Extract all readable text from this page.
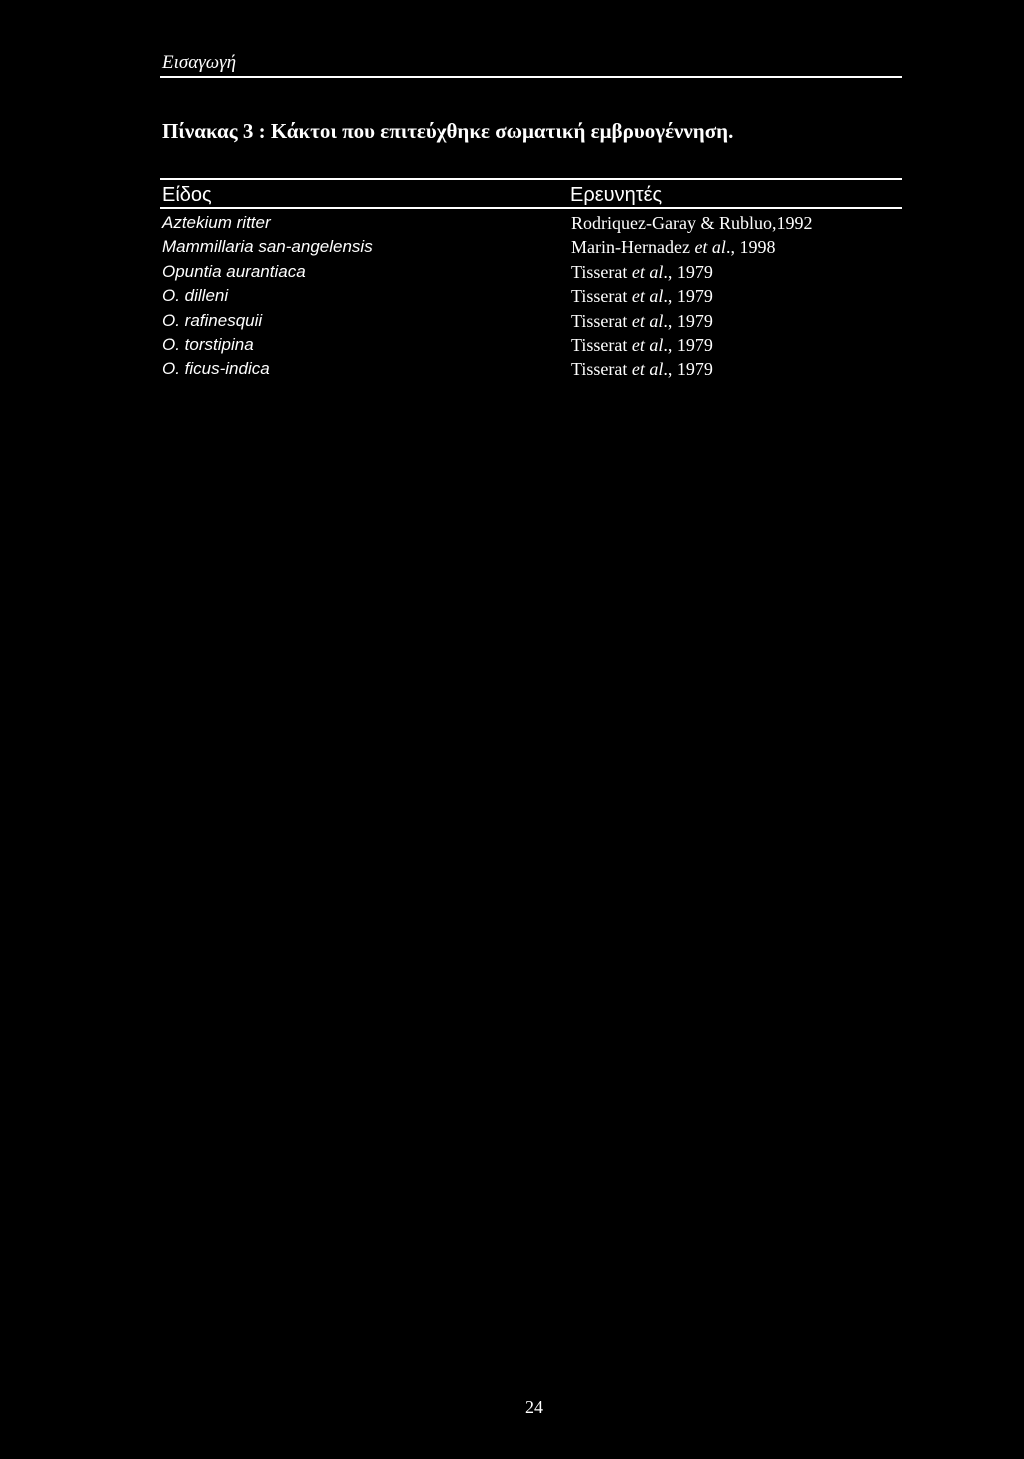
Εισαγωγή
Πίνακας 3 : Κάκτοι που επιτεύχθηκε σωματική εμβρυογέννηση.
Είδος	Ερευνητές
Aztekium ritter	Rodriquez-Garay & Rubluo,1992
Mammillaria san-angelensis	Marin-Hernadez et al., 1998
Opuntia aurantiaca	Tisserat et al., 1979
O. dilleni	Tisserat et al., 1979
O. rafinesquii	Tisserat et al., 1979
O. torstipina	Tisserat et al., 1979
O. ficus-indica	Tisserat et al., 1979
24
